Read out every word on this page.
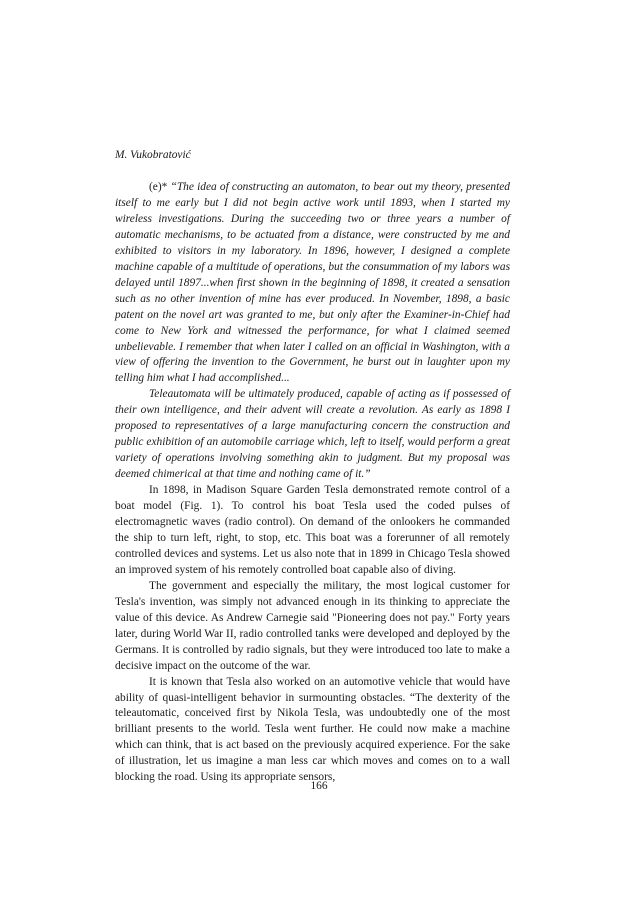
M. Vukobratović

(e)* “The idea of constructing an automaton, to bear out my theory, presented itself to me early but I did not begin active work until 1893, when I started my wireless investigations. During the succeeding two or three years a number of automatic mechanisms, to be actuated from a distance, were constructed by me and exhibited to visitors in my laboratory. In 1896, however, I designed a complete machine capable of a multitude of operations, but the consummation of my labors was delayed until 1897...when first shown in the beginning of 1898, it created a sensation such as no other invention of mine has ever produced. In November, 1898, a basic patent on the novel art was granted to me, but only after the Examiner-in-Chief had come to New York and witnessed the performance, for what I claimed seemed unbelievable. I remember that when later I called on an official in Washington, with a view of offering the invention to the Government, he burst out in laughter upon my telling him what I had accomplished...

Teleautomata will be ultimately produced, capable of acting as if possessed of their own intelligence, and their advent will create a revolution. As early as 1898 I proposed to representatives of a large manufacturing concern the construction and public exhibition of an automobile carriage which, left to itself, would perform a great variety of operations involving something akin to judgment. But my proposal was deemed chimerical at that time and nothing came of it.”

In 1898, in Madison Square Garden Tesla demonstrated remote control of a boat model (Fig. 1). To control his boat Tesla used the coded pulses of electromagnetic waves (radio control). On demand of the onlookers he commanded the ship to turn left, right, to stop, etc. This boat was a forerunner of all remotely controlled devices and systems. Let us also note that in 1899 in Chicago Tesla showed an improved system of his remotely controlled boat capable also of diving.

The government and especially the military, the most logical customer for Tesla's invention, was simply not advanced enough in its thinking to appreciate the value of this device. As Andrew Carnegie said "Pioneering does not pay." Forty years later, during World War II, radio controlled tanks were developed and deployed by the Germans. It is controlled by radio signals, but they were introduced too late to make a decisive impact on the outcome of the war.

It is known that Tesla also worked on an automotive vehicle that would have ability of quasi-intelligent behavior in surmounting obstacles. “The dexterity of the teleautomatic, conceived first by Nikola Tesla, was undoubtedly one of the most brilliant presents to the world. Tesla went further. He could now make a machine which can think, that is act based on the previously acquired experience. For the sake of illustration, let us imagine a man less car which moves and comes on to a wall blocking the road. Using its appropriate sensors,

166
